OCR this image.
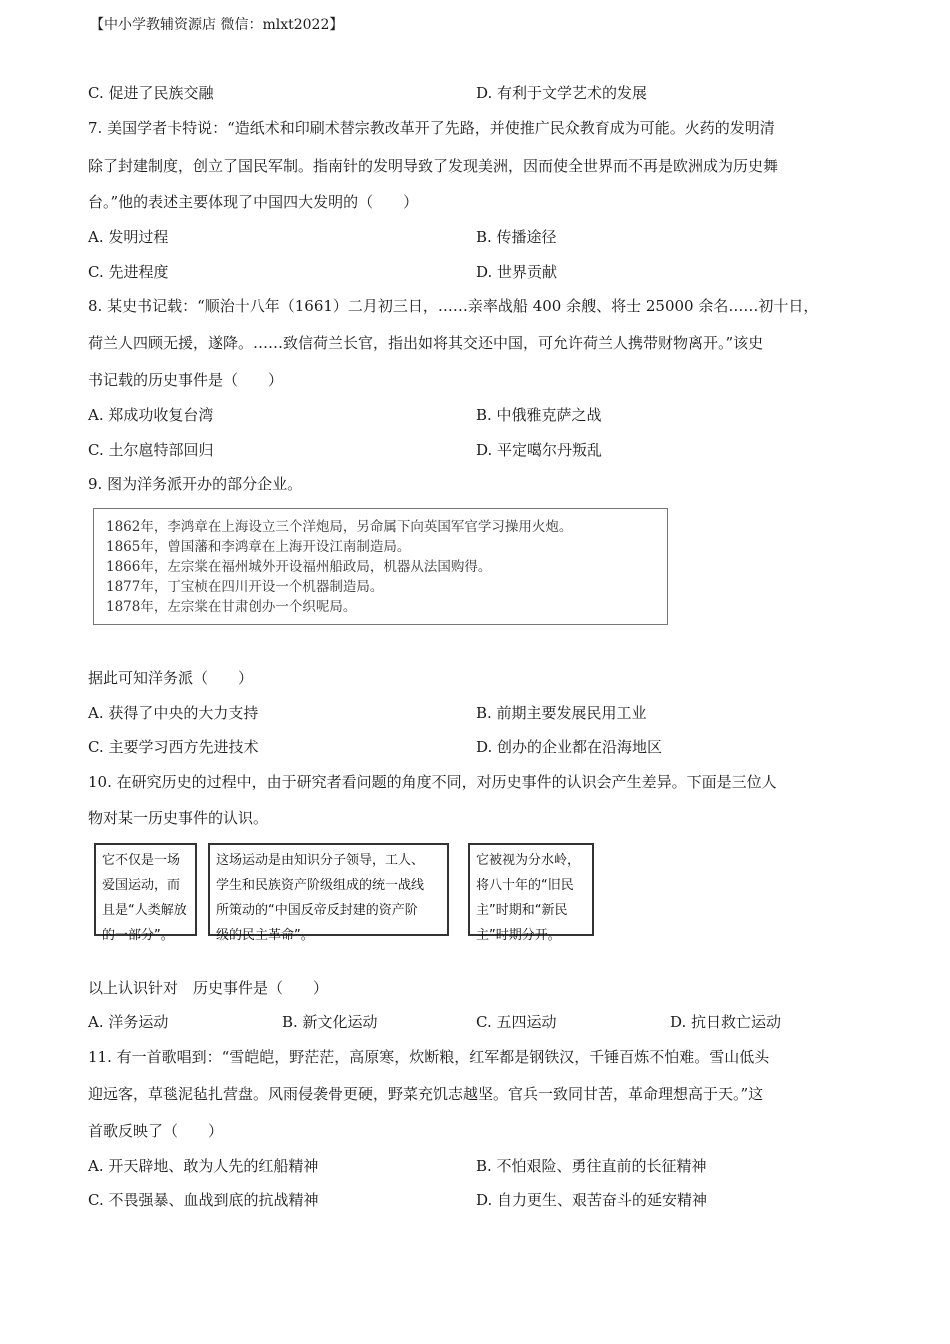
【中小学教辅资源店 微信：mlxt2022】
C. 促进了民族交融	D. 有利于文学艺术的发展
7. 美国学者卡特说：“造纸术和印刷术替宗教改革开了先路，并使推广民众教育成为可能。火药的发明清
除了封建制度，创立了国民军制。指南针的发明导致了发现美洲，因而使全世界而不再是欧洲成为历史舞
台。”他的表述主要体现了中国四大发明的（　　）
A. 发明过程	B. 传播途径
C. 先进程度	D. 世界贡献
8. 某史书记载：“顺治十八年（1661）二月初三日，……亲率战船 400 余艘、将士 25000 余名……初十日，
荷兰人四顾无援，遂降。……致信荷兰长官，指出如将其交还中国，可允许荷兰人携带财物离开。”该史
书记载的历史事件是（　　）
A. 郑成功收复台湾	B. 中俄雅克萨之战
C. 土尔扈特部回归	D. 平定噶尔丹叛乱
9. 图为洋务派开办的部分企业。
1862年，李鸿章在上海设立三个洋炮局，另命属下向英国军官学习操用火炮。
1865年，曾国藩和李鸿章在上海开设江南制造局。
1866年，左宗棠在福州城外开设福州船政局，机器从法国购得。
1877年，丁宝桢在四川开设一个机器制造局。
1878年，左宗棠在甘肃创办一个织呢局。
据此可知洋务派（　　）
A. 获得了中央的大力支持	B. 前期主要发展民用工业
C. 主要学习西方先进技术	D. 创办的企业都在沿海地区
10. 在研究历史的过程中，由于研究者看问题的角度不同，对历史事件的认识会产生差异。下面是三位人
物对某一历史事件的认识。
它不仅是一场
爱国运动，而
且是“人类解放
的一部分”。
这场运动是由知识分子领导，工人、
学生和民族资产阶级组成的统一战线
所策动的“中国反帝反封建的资产阶
级的民主革命”。
它被视为分水岭，
将八十年的“旧民
主”时期和“新民
主”时期分开。
以上认识针对　历史事件是（　　）
A. 洋务运动	B. 新文化运动	C. 五四运动	D. 抗日救亡运动
11. 有一首歌唱到：“雪皑皑，野茫茫，高原寒，炊断粮，红军都是钢铁汉，千锤百炼不怕难。雪山低头
迎远客，草毯泥毡扎营盘。风雨侵袭骨更硬，野菜充饥志越坚。官兵一致同甘苦，革命理想高于天。”这
首歌反映了（　　）
A. 开天辟地、敢为人先的红船精神	B. 不怕艰险、勇往直前的长征精神
C. 不畏强暴、血战到底的抗战精神	D. 自力更生、艰苦奋斗的延安精神
